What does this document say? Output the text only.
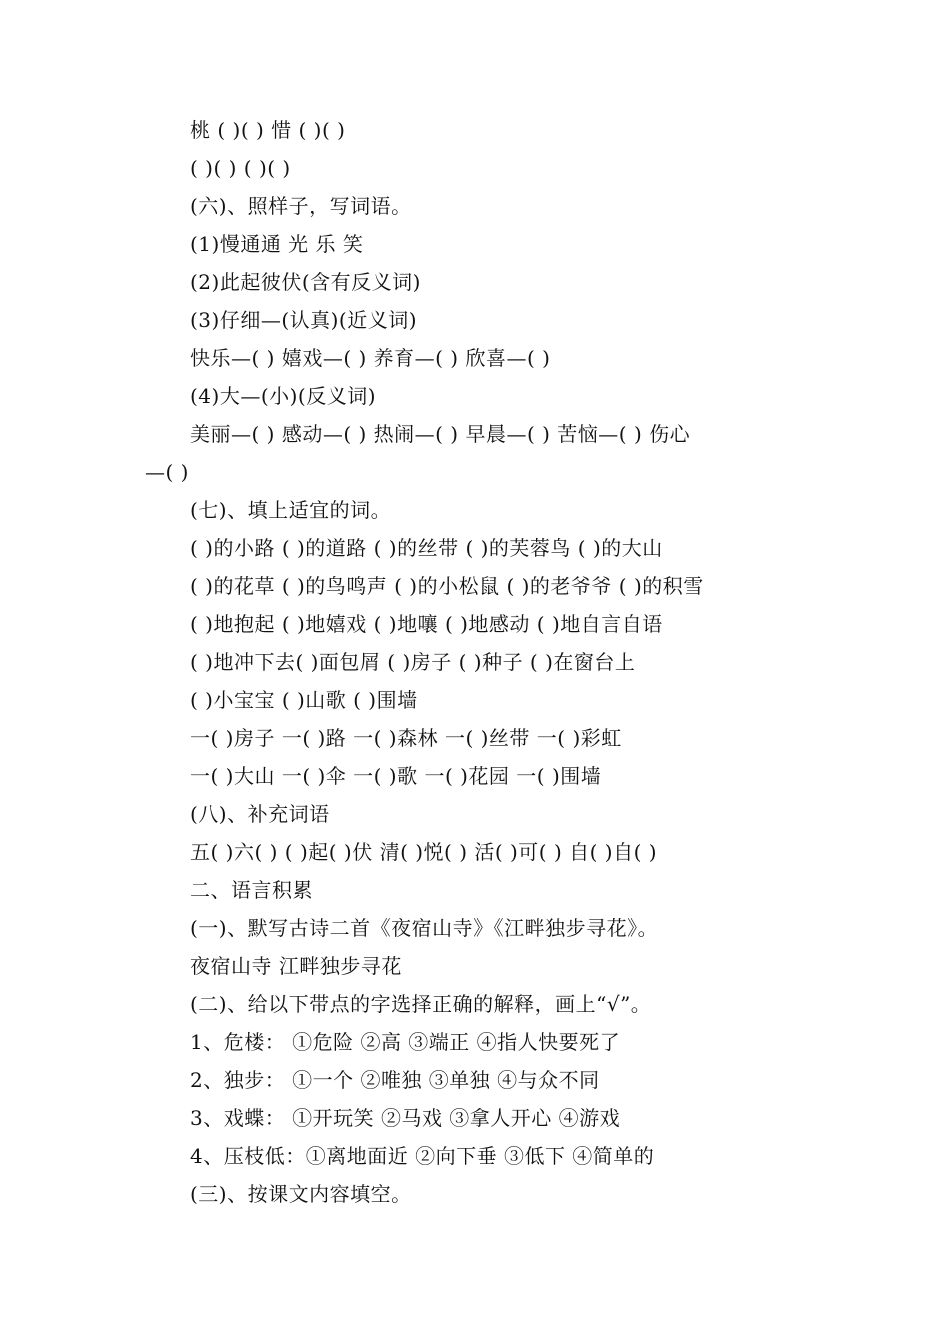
桃 ( )( ) 惜 ( )( )
( )( ) ( )( )
(六)、照样子，写词语。
(1)慢通通 光 乐 笑
(2)此起彼伏(含有反义词)
(3)仔细—(认真)(近义词)
快乐—( ) 嬉戏—( ) 养育—( ) 欣喜—( )
(4)大—(小)(反义词)
美丽—( ) 感动—( ) 热闹—( ) 早晨—( ) 苦恼—( ) 伤心
—( )
(七)、填上适宜的词。
( )的小路 ( )的道路 ( )的丝带 ( )的芙蓉鸟 ( )的大山
( )的花草 ( )的鸟鸣声 ( )的小松鼠 ( )的老爷爷 ( )的积雪
( )地抱起 ( )地嬉戏 ( )地嚷 ( )地感动 ( )地自言自语
( )地冲下去( )面包屑 ( )房子 ( )种子 ( )在窗台上
( )小宝宝 ( )山歌 ( )围墙
一( )房子 一( )路 一( )森林 一( )丝带 一( )彩虹
一( )大山 一( )伞 一( )歌 一( )花园 一( )围墙
(八)、补充词语
五( )六( ) ( )起( )伏 清( )悦( ) 活( )可( ) 自( )自( )
二、语言积累
(一)、默写古诗二首《夜宿山寺》《江畔独步寻花》。
夜宿山寺 江畔独步寻花
(二)、给以下带点的字选择正确的解释，画上“√”。
1、危楼： ①危险 ②高 ③端正 ④指人快要死了
2、独步： ①一个 ②唯独 ③单独 ④与众不同
3、戏蝶： ①开玩笑 ②马戏 ③拿人开心 ④游戏
4、压枝低：①离地面近 ②向下垂 ③低下 ④简单的
(三)、按课文内容填空。
